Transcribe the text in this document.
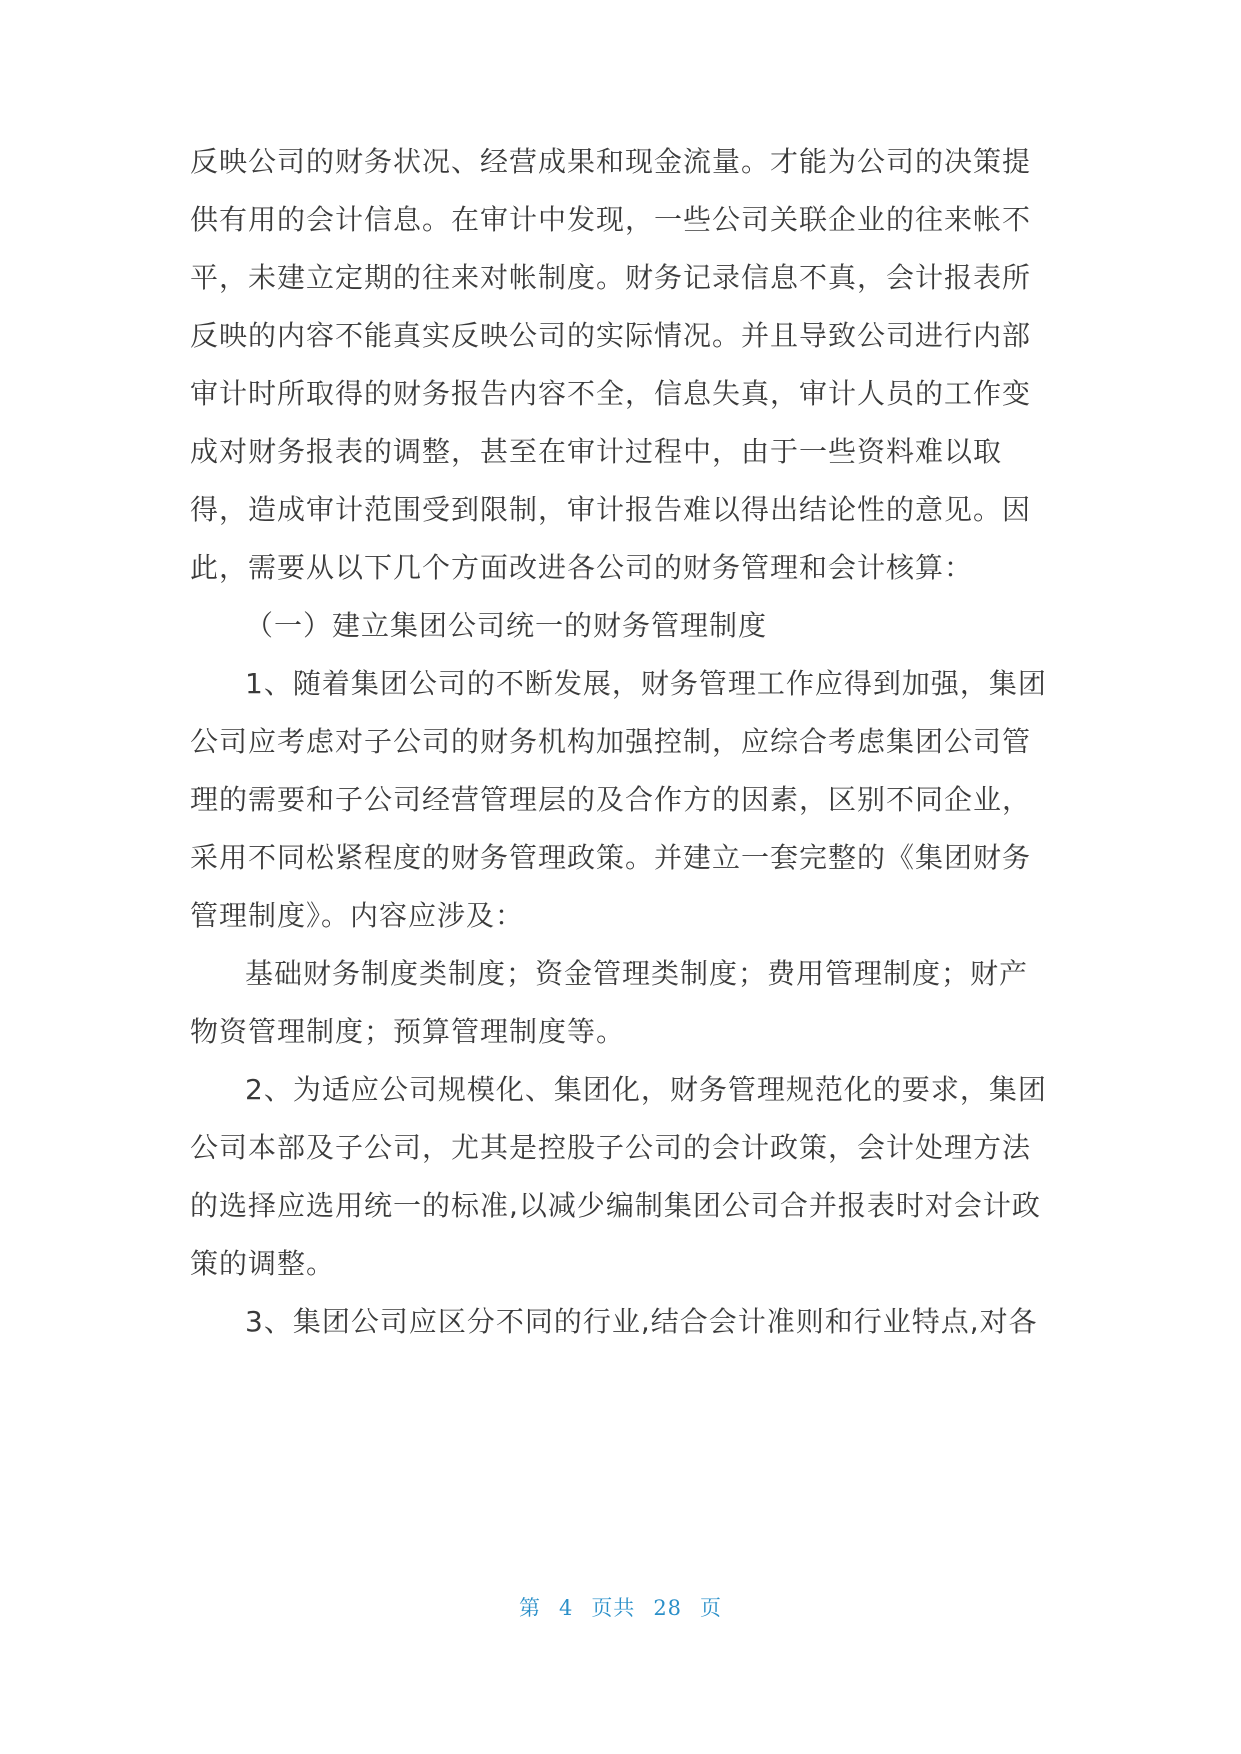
反映公司的财务状况、经营成果和现金流量。才能为公司的决策提
供有用的会计信息。在审计中发现，一些公司关联企业的往来帐不
平，未建立定期的往来对帐制度。财务记录信息不真，会计报表所
反映的内容不能真实反映公司的实际情况。并且导致公司进行内部
审计时所取得的财务报告内容不全，信息失真，审计人员的工作变
成对财务报表的调整，甚至在审计过程中，由于一些资料难以取
得，造成审计范围受到限制，审计报告难以得出结论性的意见。因
此，需要从以下几个方面改进各公司的财务管理和会计核算：
（一）建立集团公司统一的财务管理制度
1、随着集团公司的不断发展，财务管理工作应得到加强，集团
公司应考虑对子公司的财务机构加强控制，应综合考虑集团公司管
理的需要和子公司经营管理层的及合作方的因素，区别不同企业，
采用不同松紧程度的财务管理政策。并建立一套完整的《集团财务
管理制度》。内容应涉及：
基础财务制度类制度；资金管理类制度；费用管理制度；财产
物资管理制度；预算管理制度等。
2、为适应公司规模化、集团化，财务管理规范化的要求，集团
公司本部及子公司，尤其是控股子公司的会计政策，会计处理方法
的选择应选用统一的标准,以减少编制集团公司合并报表时对会计政
策的调整。
3、集团公司应区分不同的行业,结合会计准则和行业特点,对各
第 4 页共 28 页
